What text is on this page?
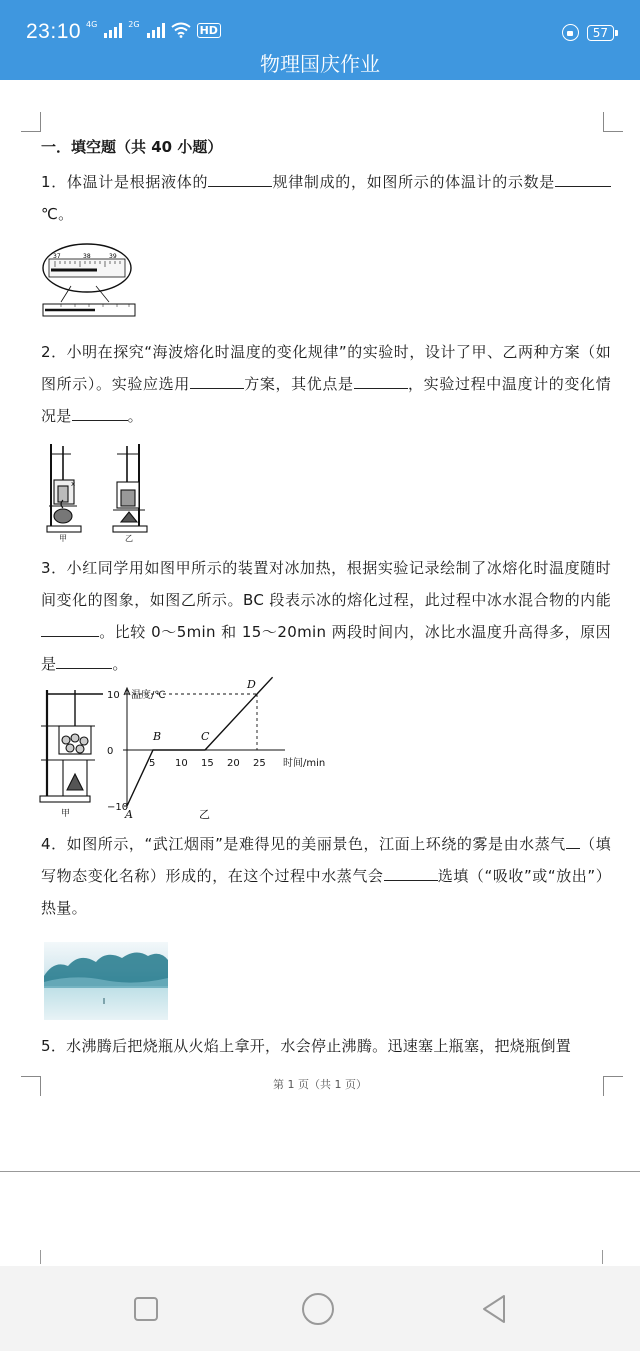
23:10 4G	2G	HD	57
物理国庆作业
一．填空题（共 40 小题）
1．体温计是根据液体的	规律制成的，如图所示的体温计的示数是℃。
37	38	39
2．小明在探究“海波熔化时温度的变化规律”的实验时，设计了甲、乙两种方案（如图所示）。实验应选用	方案，其优点是	，实验过程中温度计的变化情况是	。
x
甲	乙
3．小红同学用如图甲所示的装置对冰加热，根据实验记录绘制了冰熔化时温度随时间变化的图象，如图乙所示。BC 段表示冰的熔化过程，此过程中冰水混合物的内能。比较 0～5min 和 15～20min 两段时间内，冰比水温度升高得多，原因是	。
甲
温度/℃
时间/min
5 10 15 20 25
10
0
−10
A
B	C
D
乙
4．如图所示，“武江烟雨”是难得见的美丽景色，江面上环绕的雾是由水蒸气 （填写物态变化名称）形成的，在这个过程中水蒸气会	选填（“吸收”或“放出”）热量。
5．水沸腾后把烧瓶从火焰上拿开，水会停止沸腾。迅速塞上瓶塞，把烧瓶倒置
第 1 页（共 1 页）
